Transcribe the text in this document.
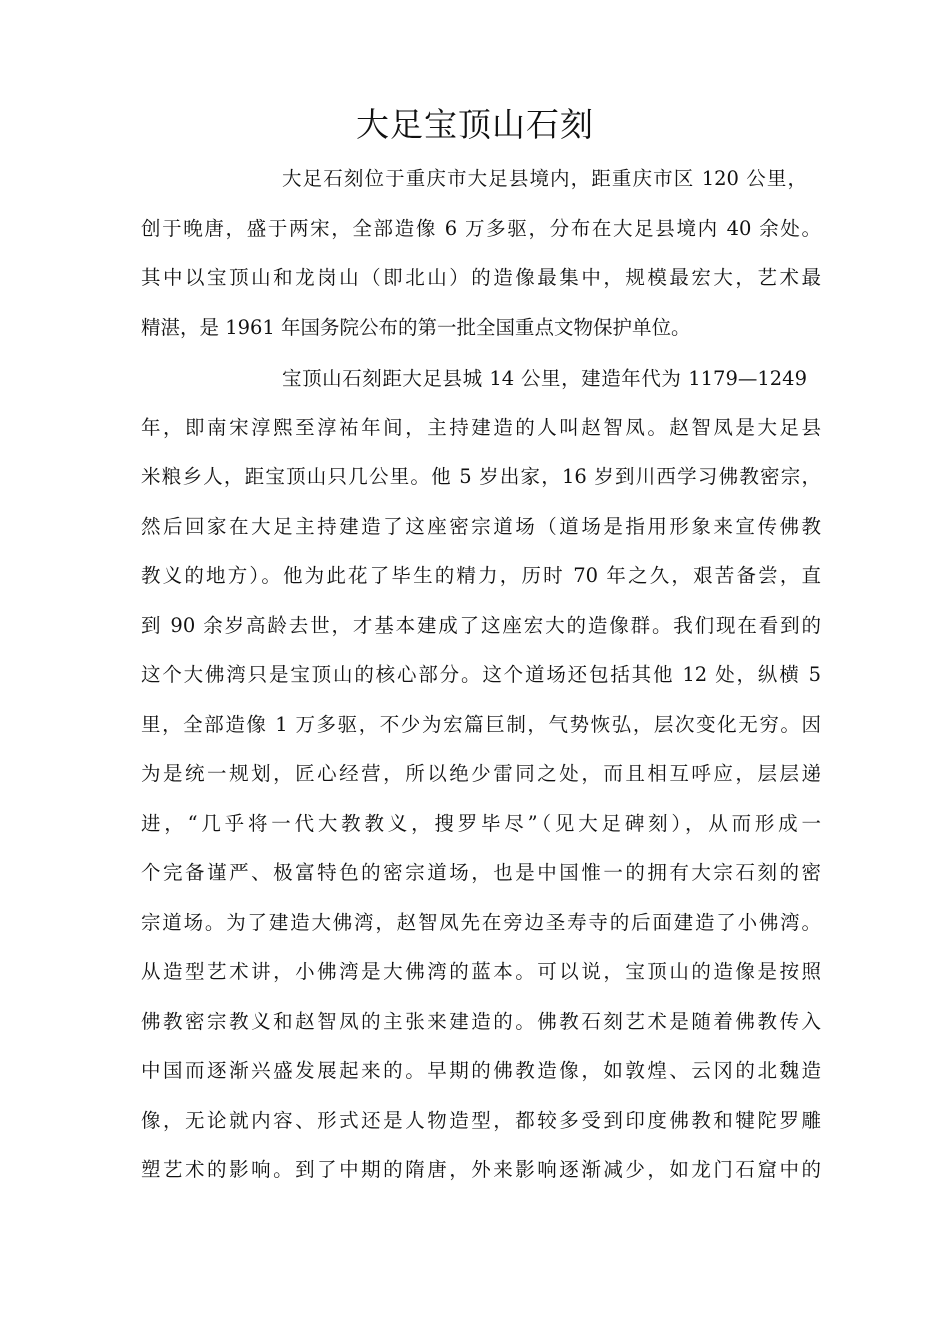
大足宝顶山石刻
大足石刻位于重庆市大足县境内，距重庆市区 120 公里，
创于晚唐，盛于两宋，全部造像 6 万多驱，分布在大足县境内 40 余处。
其中以宝顶山和龙岗山（即北山）的造像最集中，规模最宏大，艺术最
精湛，是 1961 年国务院公布的第一批全国重点文物保护单位。
宝顶山石刻距大足县城 14 公里，建造年代为 1179—1249
年，即南宋淳熙至淳祐年间，主持建造的人叫赵智凤。赵智凤是大足县
米粮乡人，距宝顶山只几公里。他 5 岁出家，16 岁到川西学习佛教密宗，
然后回家在大足主持建造了这座密宗道场（道场是指用形象来宣传佛教
教义的地方）。他为此花了毕生的精力，历时 70 年之久，艰苦备尝，直
到 90 余岁高龄去世，才基本建成了这座宏大的造像群。我们现在看到的
这个大佛湾只是宝顶山的核心部分。这个道场还包括其他 12 处，纵横 5
里，全部造像 1 万多驱，不少为宏篇巨制，气势恢弘，层次变化无穷。因
为是统一规划，匠心经营，所以绝少雷同之处，而且相互呼应，层层递
进，“几乎将一代大教教义，搜罗毕尽”（见大足碑刻），从而形成一
个完备谨严、极富特色的密宗道场，也是中国惟一的拥有大宗石刻的密
宗道场。为了建造大佛湾，赵智凤先在旁边圣寿寺的后面建造了小佛湾。
从造型艺术讲，小佛湾是大佛湾的蓝本。可以说，宝顶山的造像是按照
佛教密宗教义和赵智凤的主张来建造的。佛教石刻艺术是随着佛教传入
中国而逐渐兴盛发展起来的。早期的佛教造像，如敦煌、云冈的北魏造
像，无论就内容、形式还是人物造型，都较多受到印度佛教和犍陀罗雕
塑艺术的影响。到了中期的隋唐，外来影响逐渐减少，如龙门石窟中的
